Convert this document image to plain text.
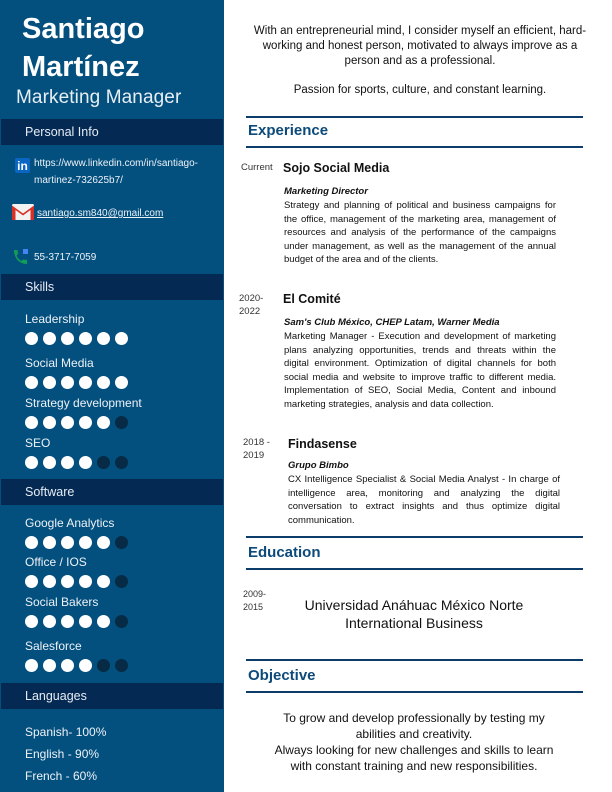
Santiago
Martínez
Marketing Manager
Personal Info
in https://www.linkedin.com/in/santiago-
martinez-732625b7/
santiago.sm840@gmail.com
55-3717-7059
Skills
Leadership
Social Media
Strategy development
SEO
Software
Google Analytics
Office / IOS
Social Bakers
Salesforce
Languages
Spanish- 100%
English - 90%
French - 60%
With an entrepreneurial mind, I consider myself an efficient, hard-working and honest person, motivated to always improve as a person and as a professional.
Passion for sports, culture, and constant learning.
Experience
Current Sojo Social Media
Marketing Director
Strategy and planning of political and business campaigns for the office, management of the marketing area, management of resources and analysis of the performance of the campaigns under management, as well as the management of the annual budget of the area and of the clients.
2020-
2022
El Comité
Sam's Club México, CHEP Latam, Warner Media
Marketing Manager - Execution and development of marketing plans analyzing opportunities, trends and threats within the digital environment. Optimization of digital channels for both social media and website to improve traffic to different media. Implementation of SEO, Social Media, Content and inbound marketing strategies, analysis and data collection.
2018 -
2019
Findasense
Grupo Bimbo
CX Intelligence Specialist & Social Media Analyst - In charge of intelligence area, monitoring and analyzing the digital conversation to extract insights and thus optimize digital communication.
Education
2009-
2015	Universidad Anáhuac México Norte
International Business
Objective
To grow and develop professionally by testing my abilities and creativity.
Always looking for new challenges and skills to learn with constant training and new responsibilities.
